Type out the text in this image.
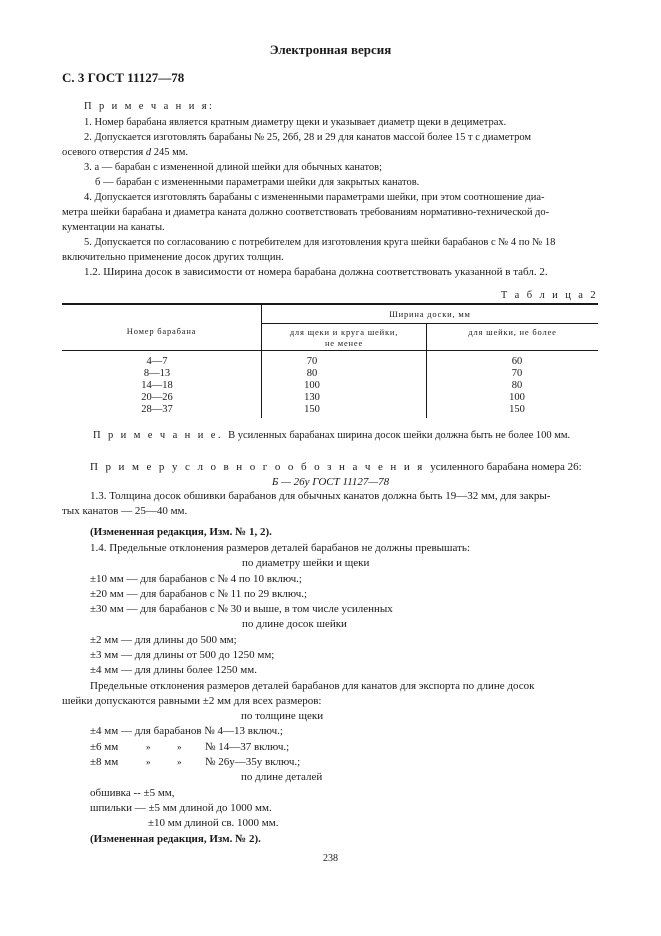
Электронная версия
С. 3 ГОСТ 11127—78
П р и м е ч а н и я:
1. Номер барабана является кратным диаметру щеки и указывает диаметр щеки в дециметрах.
2. Допускается изготовлять барабаны № 25, 26б, 28 и 29 для канатов массой более 15 т с диаметром
осевого отверстия d 245 мм.
3. а — барабан с измененной длиной шейки для обычных канатов;
б — барабан с измененными параметрами шейки для закрытых канатов.
4. Допускается изготовлять барабаны с измененными параметрами шейки, при этом соотношение диа-
метра шейки барабана и диаметра каната должно соответствовать требованиям нормативно-технической до-
кументации на канаты.
5. Допускается по согласованию с потребителем для изготовления круга шейки барабанов с № 4 по № 18
включительно применение досок других толщин.
1.2. Ширина досок в зависимости от номера барабана должна соответствовать указанной в табл. 2.
Т а б л и ц а 2
Номер барабана
Ширина доски, мм
для щеки и круга шейки,
не менее
для шейки, не более
4—7	70	60
8—13	80	70
14—18	100	80
20—26	130	100
28—37	150	150
П р и м е ч а н и е. В усиленных барабанах ширина досок шейки должна быть не более 100 мм.
П р и м е р у с л о в н о г о о б о з н а ч е н и я усиленного барабана номера 26:
Б — 26у ГОСТ 11127—78
1.3. Толщина досок обшивки барабанов для обычных канатов должна быть 19—32 мм, для закры-
тых канатов — 25—40 мм.
(Измененная редакция, Изм. № 1, 2).
1.4. Предельные отклонения размеров деталей барабанов не должны превышать:
по диаметру шейки и щеки
±10 мм — для барабанов с № 4 по 10 включ.;
±20 мм — для барабанов с № 11 по 29 включ.;
±30 мм — для барабанов с № 30 и выше, в том числе усиленных
по длине досок шейки
±2 мм — для длины до 500 мм;
±3 мм — для длины от 500 до 1250 мм;
±4 мм — для длины более 1250 мм.
Предельные отклонения размеров деталей барабанов для канатов для экспорта по длине досок
шейки допускаются равными ±2 мм для всех размеров:
по толщине щеки
±4 мм — для барабанов № 4—13 включ.;
±6 мм	»	» № 14—37 включ.;
±8 мм	»	» № 26у—35у включ.;
по длине деталей
обшивка -- ±5 мм,
шпильки — ±5 мм длиной до 1000 мм.
±10 мм длиной св. 1000 мм.
(Измененная редакция, Изм. № 2).
238
